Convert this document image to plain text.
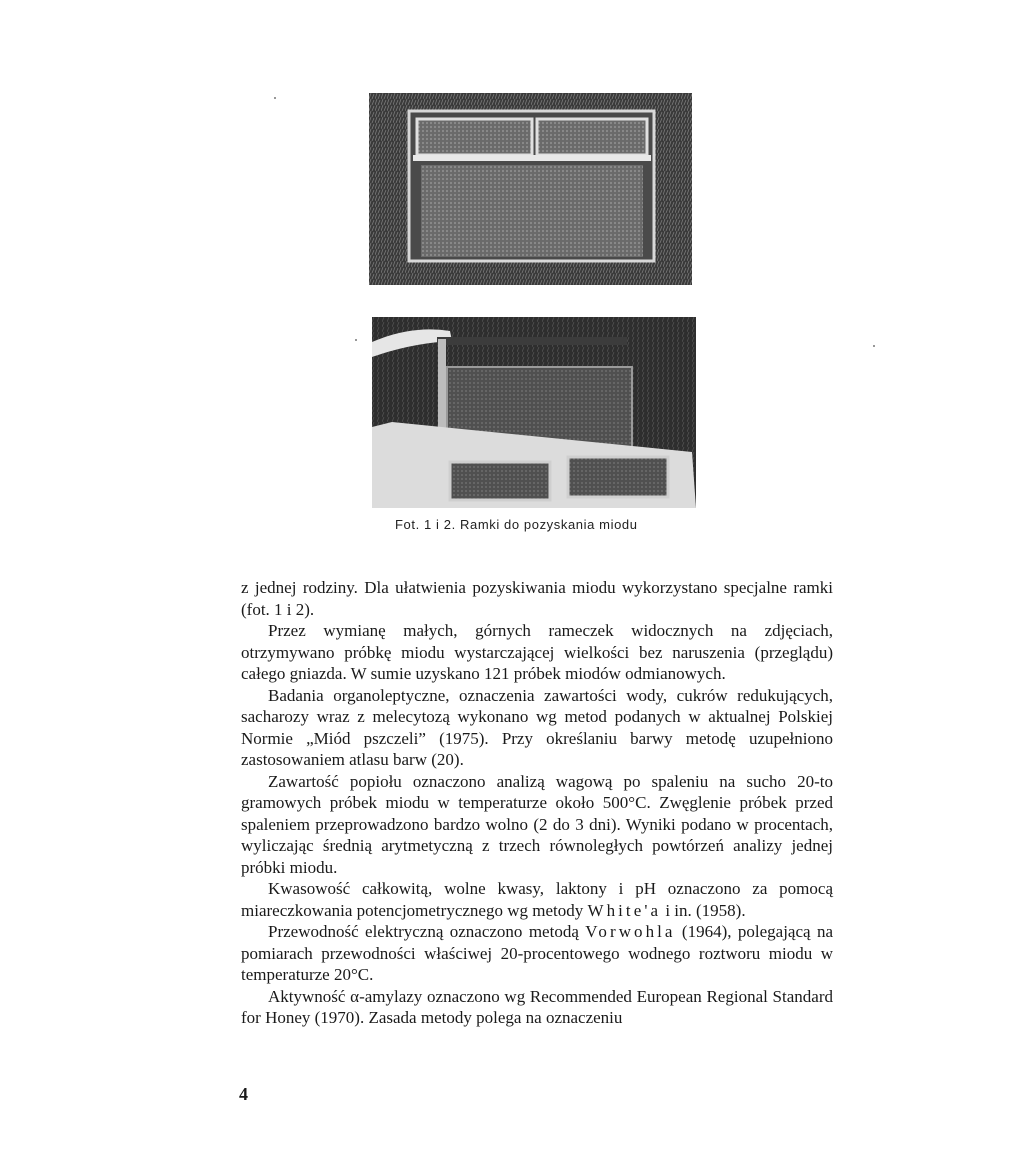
Fot. 1 i 2. Ramki do pozyskania miodu

z jednej rodziny. Dla ułatwienia pozyskiwania miodu wykorzystano specjalne ramki (fot. 1 i 2).

Przez wymianę małych, górnych rameczek widocznych na zdjęciach, otrzymywano próbkę miodu wystarczającej wielkości bez naruszenia (przeglądu) całego gniazda. W sumie uzyskano 121 próbek miodów odmianowych.

Badania organoleptyczne, oznaczenia zawartości wody, cukrów redukujących, sacharozy wraz z melecytozą wykonano wg metod podanych w aktualnej Polskiej Normie „Miód pszczeli” (1975). Przy określaniu barwy metodę uzupełniono zastosowaniem atlasu barw (20).

Zawartość popiołu oznaczono analizą wagową po spaleniu na sucho 20-to gramowych próbek miodu w temperaturze około 500°C. Zwęglenie próbek przed spaleniem przeprowadzono bardzo wolno (2 do 3 dni). Wyniki podano w procentach, wyliczając średnią arytmetyczną z trzech równoległych powtórzeń analizy jednej próbki miodu.

Kwasowość całkowitą, wolne kwasy, laktony i pH oznaczono za pomocą miareczkowania potencjometrycznego wg metody White'a i in. (1958).

Przewodność elektryczną oznaczono metodą Vorwohla (1964), polegającą na pomiarach przewodności właściwej 20-procentowego wodnego roztworu miodu w temperaturze 20°C.

Aktywność α-amylazy oznaczono wg Recommended European Regional Standard for Honey (1970). Zasada metody polega na oznaczeniu

4
